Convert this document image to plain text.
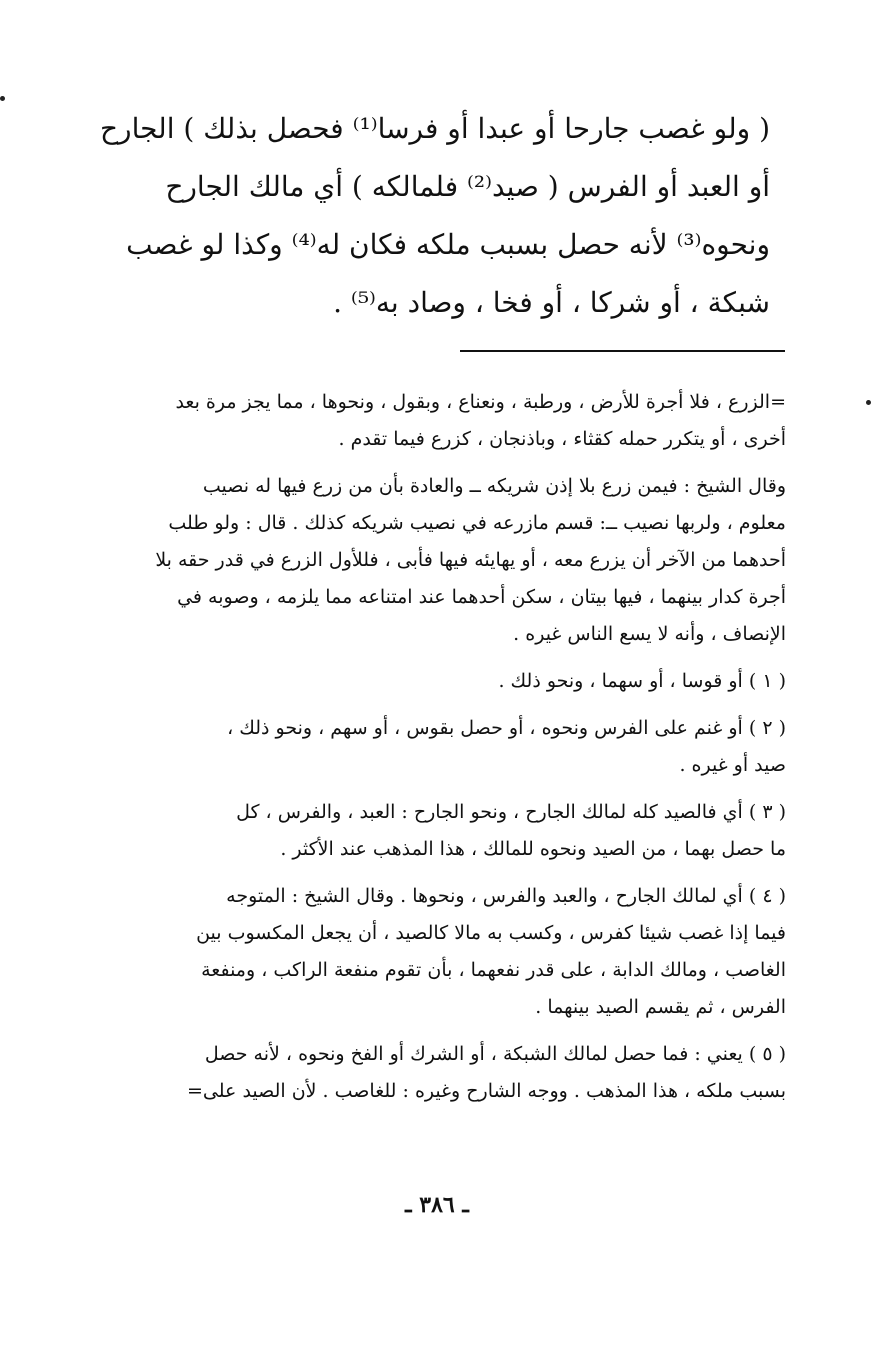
( ولو غصب جارحا أو عبدا أو فرسا⁽¹⁾ فحصل بذلك ) الجارح
أو العبد أو الفرس ( صيد⁽²⁾ فلمالكه ) أي مالك الجارح
ونحوه⁽³⁾ لأنه حصل بسبب ملكه فكان له⁽⁴⁾ وكذا لو غصب
شبكة ، أو شركا ، أو فخا ، وصاد به⁽⁵⁾ .
=الزرع ، فلا أجرة للأرض ، ورطبة ، ونعناع ، وبقول ، ونحوها ، مما يجز مرة بعد
أخرى ، أو يتكرر حمله كقثاء ، وباذنجان ، كزرع فيما تقدم .
وقال الشيخ : فيمن زرع بلا إذن شريكه ــ والعادة بأن من زرع فيها له نصيب
معلوم ، ولربها نصيب ــ: قسم مازرعه في نصيب شريكه كذلك . قال : ولو طلب
أحدهما من الآخر أن يزرع معه ، أو يهايئه فيها فأبى ، فللأول الزرع في قدر حقه بلا
أجرة كدار بينهما ، فيها بيتان ، سكن أحدهما عند امتناعه مما يلزمه ، وصوبه في
الإنصاف ، وأنه لا يسع الناس غيره .
( ١ ) أو قوسا ، أو سهما ، ونحو ذلك .
( ٢ ) أو غنم على الفرس ونحوه ، أو حصل بقوس ، أو سهم ، ونحو ذلك ،
صيد أو غيره .
( ٣ ) أي فالصيد كله لمالك الجارح ، ونحو الجارح : العبد ، والفرس ، كل
ما حصل بهما ، من الصيد ونحوه للمالك ، هذا المذهب عند الأكثر .
( ٤ ) أي لمالك الجارح ، والعبد والفرس ، ونحوها . وقال الشيخ : المتوجه
فيما إذا غصب شيئا كفرس ، وكسب به مالا كالصيد ، أن يجعل المكسوب بين
الغاصب ، ومالك الدابة ، على قدر نفعهما ، بأن تقوم منفعة الراكب ، ومنفعة
الفرس ، ثم يقسم الصيد بينهما .
( ٥ ) يعني : فما حصل لمالك الشبكة ، أو الشرك أو الفخ ونحوه ، لأنه حصل
بسبب ملكه ، هذا المذهب . ووجه الشارح وغيره : للغاصب . لأن الصيد على=
ـ ٣٨٦ ـ
